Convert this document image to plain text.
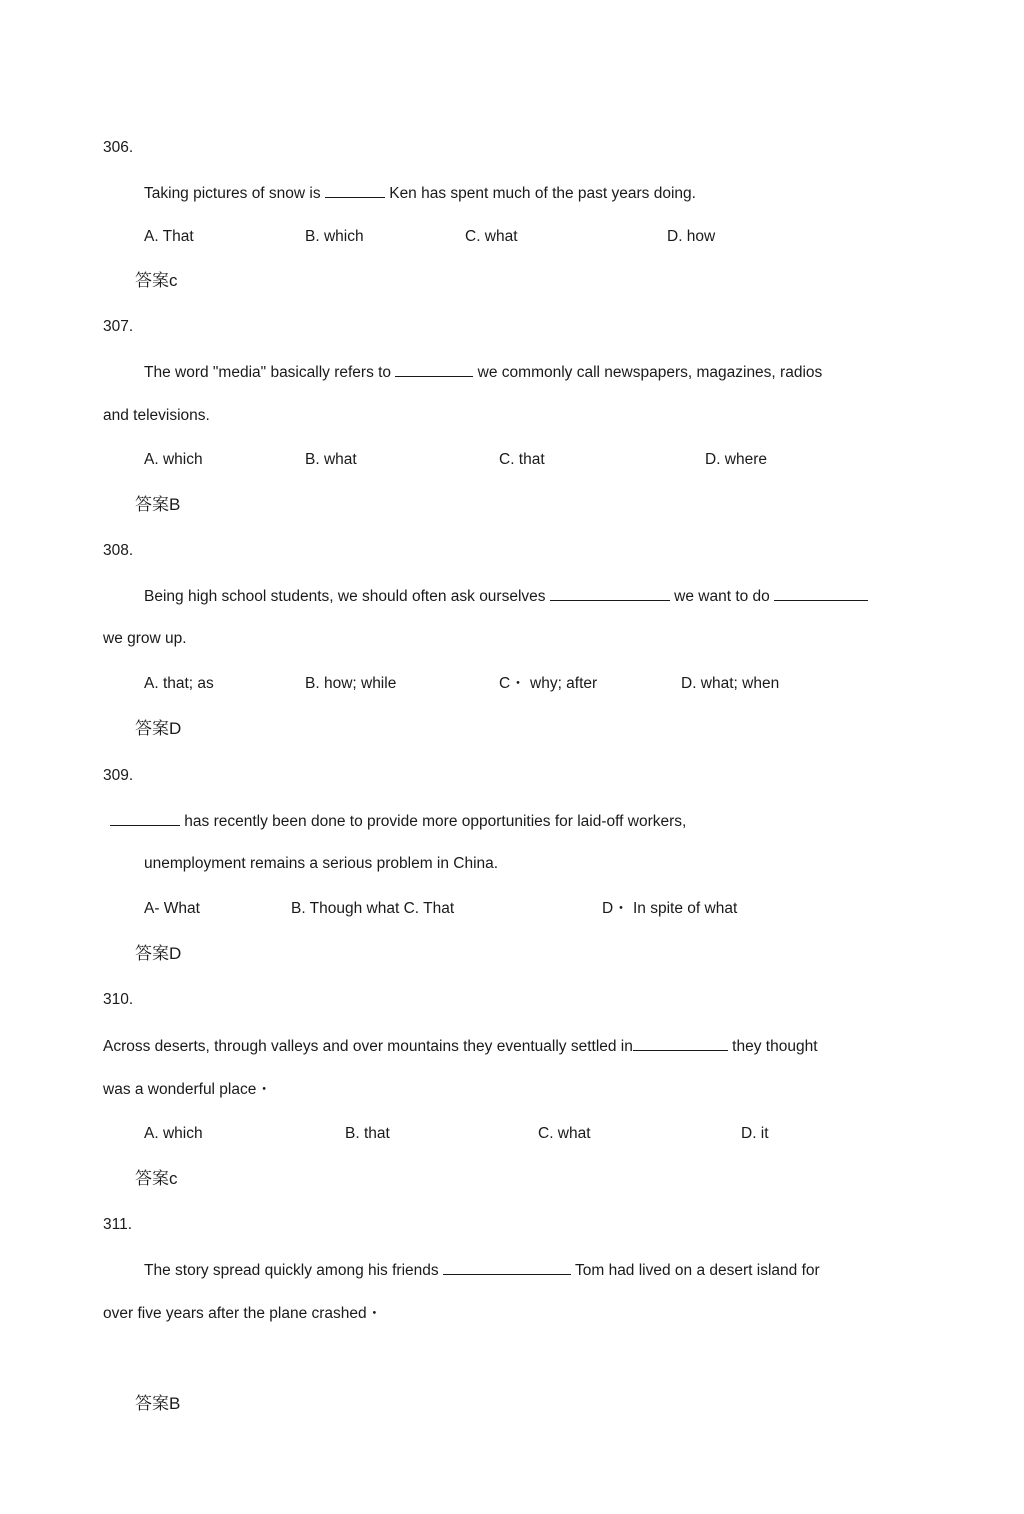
306.
Taking pictures of snow is	Ken has spent much of the past years doing.
A. That	B. which	C. what	D. how
答案c
307.
The word "media" basically refers to	we commonly call newspapers, magazines, radios
and televisions.
A. which	B. what	C. that	D. where
答案B
308.
Being high school students, we should often ask ourselves	we want to do
we grow up.
A. that; as	B. how; while	C・ why; after	D. what; when
答案D
309.
has recently been done to provide more opportunities for laid-off workers,
unemployment remains a serious problem in China.
A- What	B. Though what C. That	D・ In spite of what
答案D
310.
Across deserts, through valleys and over mountains they eventually settled in	they thought
was a wonderful place・
A. which	B. that	C. what	D. it
答案c
311.
The story spread quickly among his friends	Tom had lived on a desert island for
over five years after the plane crashed・
答案B
